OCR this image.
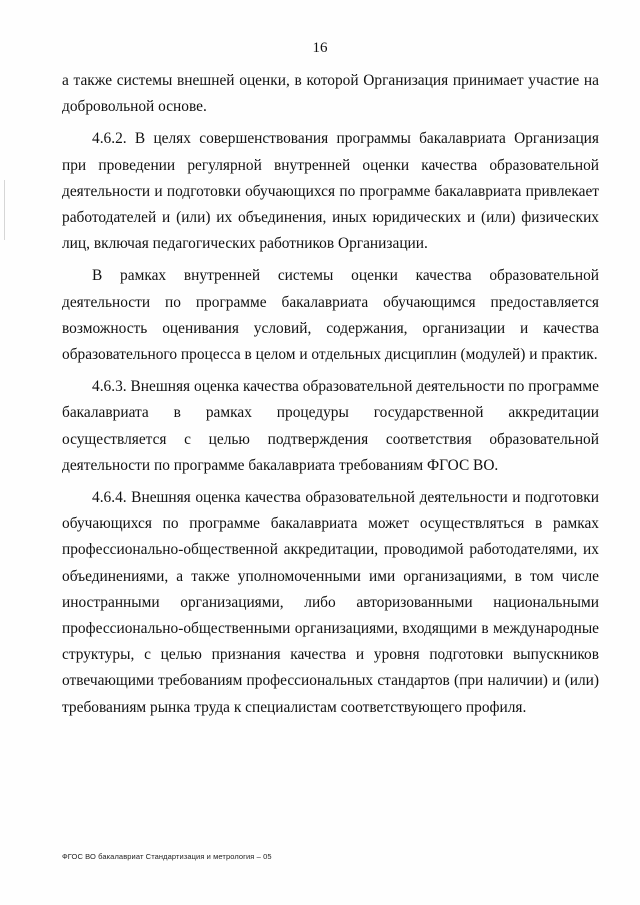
16

а также системы внешней оценки, в которой Организация принимает участие на добровольной основе.

4.6.2. В целях совершенствования программы бакалавриата Организация при проведении регулярной внутренней оценки качества образовательной деятельности и подготовки обучающихся по программе бакалавриата привлекает работодателей и (или) их объединения, иных юридических и (или) физических лиц, включая педагогических работников Организации.

В рамках внутренней системы оценки качества образовательной деятельности по программе бакалавриата обучающимся предоставляется возможность оценивания условий, содержания, организации и качества образовательного процесса в целом и отдельных дисциплин (модулей) и практик.

4.6.3. Внешняя оценка качества образовательной деятельности по программе бакалавриата в рамках процедуры государственной аккредитации осуществляется с целью подтверждения соответствия образовательной деятельности по программе бакалавриата требованиям ФГОС ВО.

4.6.4. Внешняя оценка качества образовательной деятельности и подготовки обучающихся по программе бакалавриата может осуществляться в рамках профессионально-общественной аккредитации, проводимой работодателями, их объединениями, а также уполномоченными ими организациями, в том числе иностранными организациями, либо авторизованными национальными профессионально-общественными организациями, входящими в международные структуры, с целью признания качества и уровня подготовки выпускников отвечающими требованиям профессиональных стандартов (при наличии) и (или) требованиям рынка труда к специалистам соответствующего профиля.

ФГОС ВО бакалавриат Стандартизация и метрология – 05
